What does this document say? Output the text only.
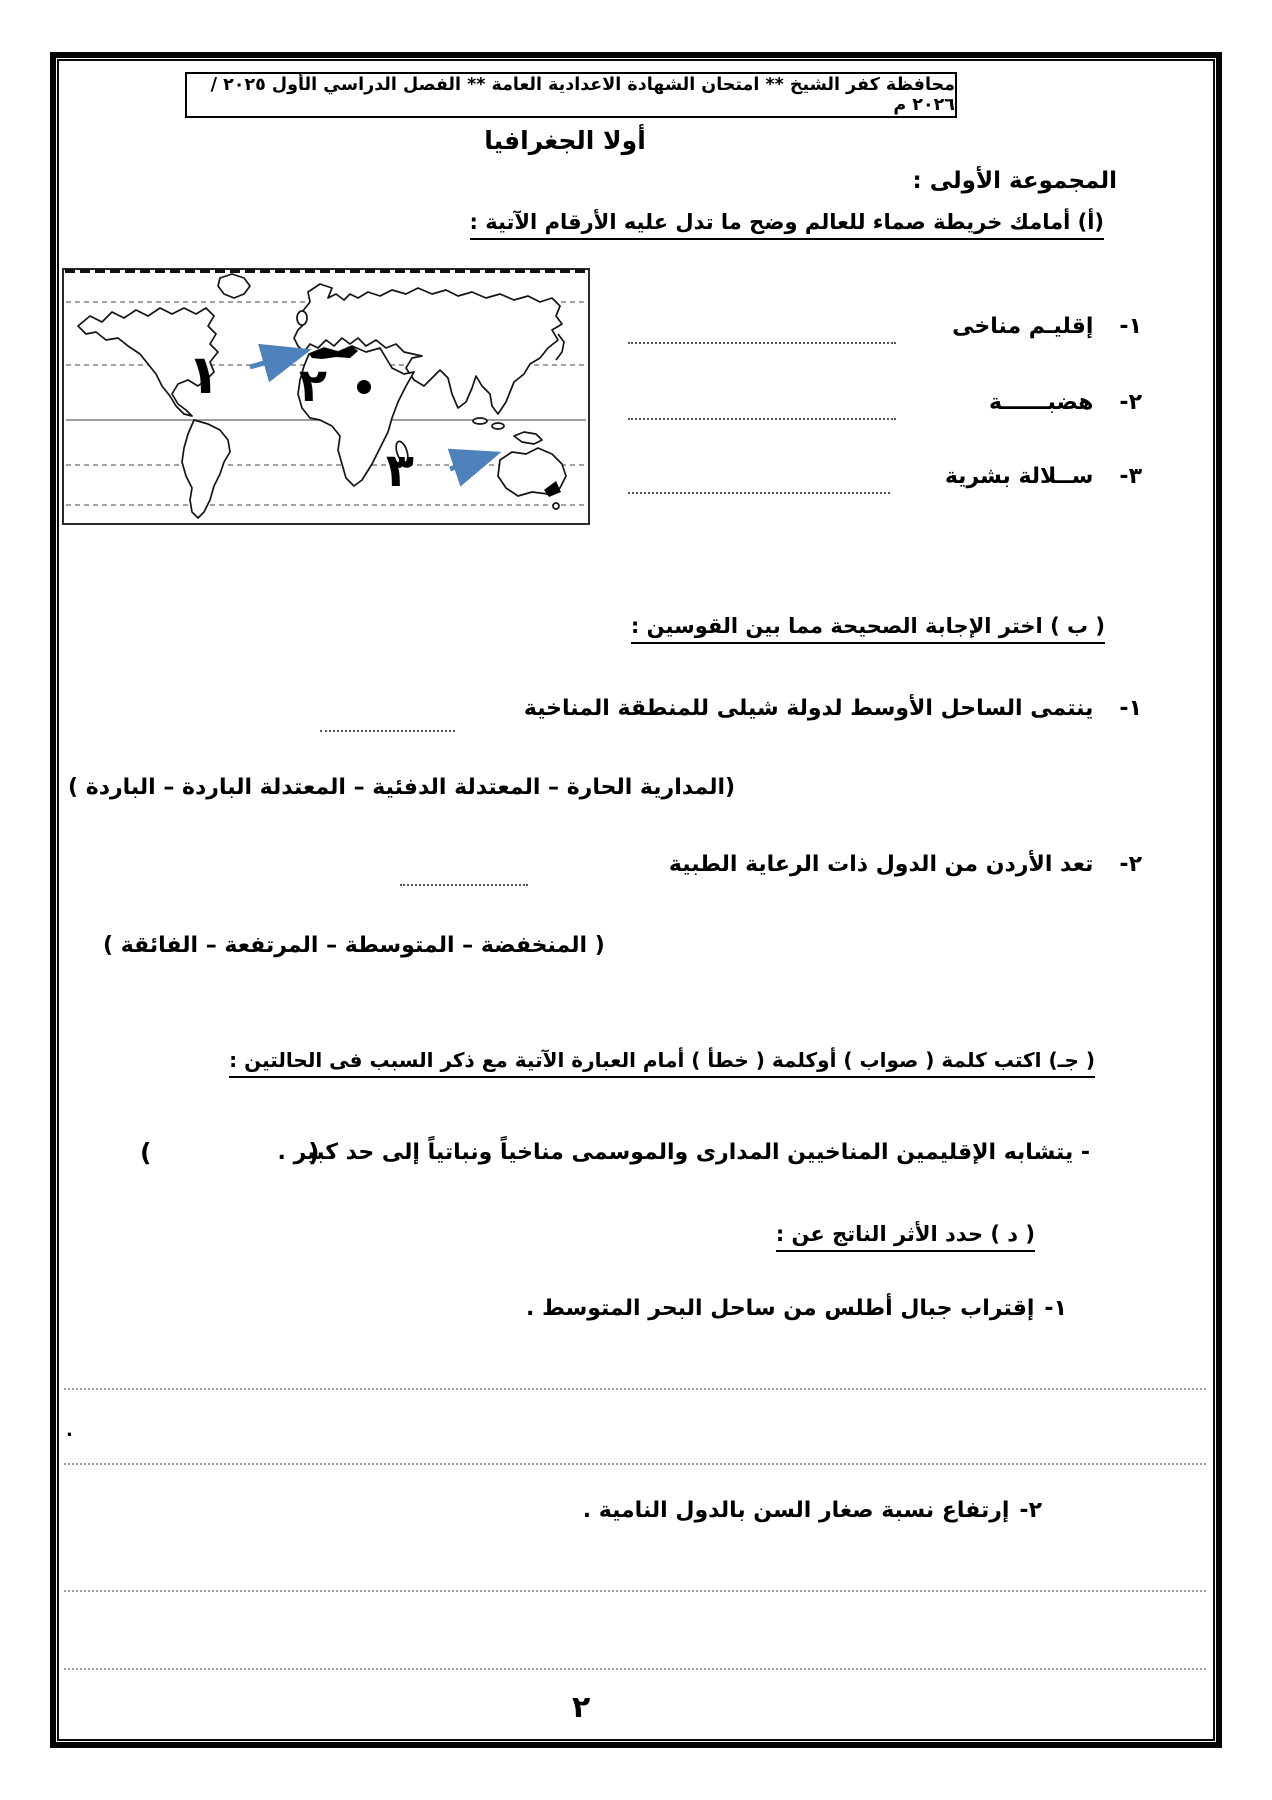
محافظة كفر الشيخ ** امتحان الشهادة الاعدادية العامة ** الفصل الدراسي الأول ٢٠٢٥ / ٢٠٢٦ م
أولا الجغرافيا
المجموعة الأولى :
(أ) أمامك خريطة صماء للعالم وضح ما تدل عليه الأرقام الآتية :
١ ٢
٣
١-إقليـم مناخى
٢-هضبــــــة
٣-ســلالة بشرية
( ب ) اختر الإجابة الصحيحة مما بين القوسين :
١-ينتمى الساحل الأوسط لدولة شيلى للمنطقة المناخية
(المدارية الحارة – المعتدلة الدفئية – المعتدلة الباردة – الباردة )
٢-تعد الأردن من الدول ذات الرعاية الطبية
( المنخفضة – المتوسطة – المرتفعة – الفائقة )
( جـ) اكتب كلمة ( صواب ) أوكلمة ( خطأ ) أمام العبارة الآتية مع ذكر السبب فى الحالتين :
- يتشابه الإقليمين المناخيين المدارى والموسمى مناخياً ونباتياً إلى حد كبير .
(                  )
( د ) حدد الأثر الناتج عن :
١-إقتراب جبال أطلس من ساحل البحر المتوسط .
.
٢-إرتفاع نسبة صغار السن بالدول النامية .
٢
